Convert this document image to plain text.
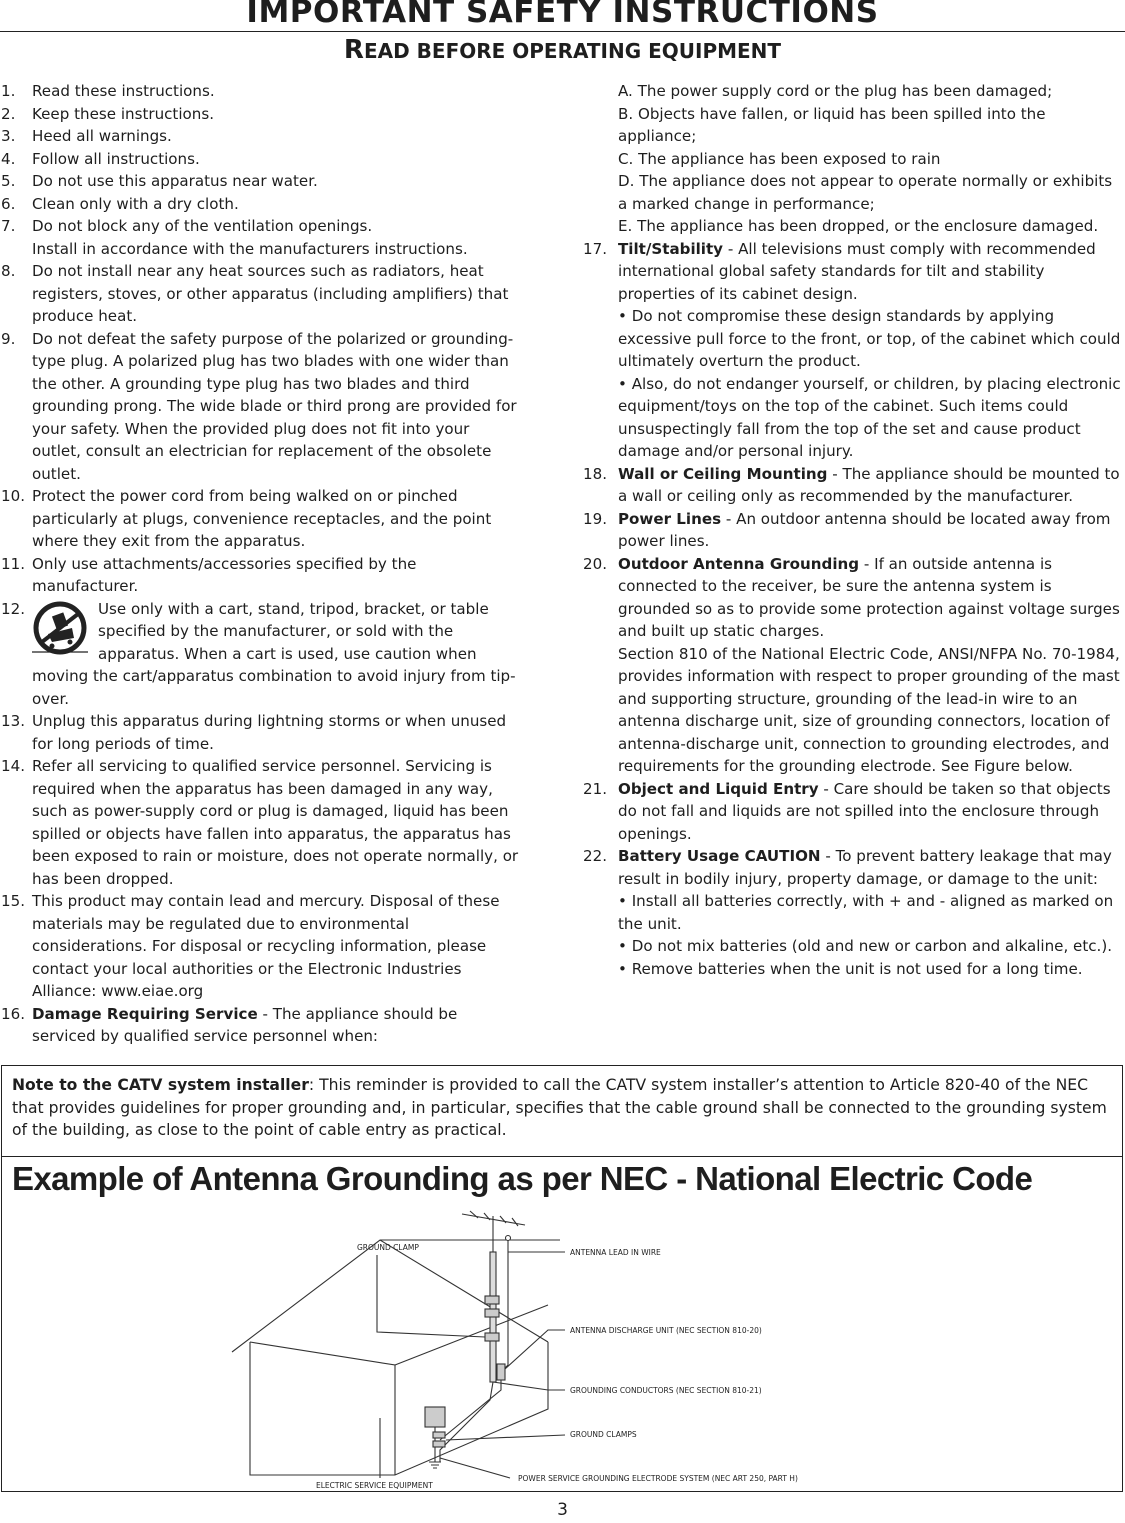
IMPORTANT SAFETY INSTRUCTIONS
READ BEFORE OPERATING EQUIPMENT
1. Read these instructions.
2. Keep these instructions.
3. Heed all warnings.
4. Follow all instructions.
5. Do not use this apparatus near water.
6. Clean only with a dry cloth.
7. Do not block any of the ventilation openings.
Install in accordance with the manufacturers instructions.
8. Do not install near any heat sources such as radiators, heat registers, stoves, or other apparatus (including amplifiers) that produce heat.
9. Do not defeat the safety purpose of the polarized or grounding-type plug. A polarized plug has two blades with one wider than the other. A grounding type plug has two blades and third grounding prong. The wide blade or third prong are provided for your safety. When the provided plug does not fit into your outlet, consult an electrician for replacement of the obsolete outlet.
10. Protect the power cord from being walked on or pinched particularly at plugs, convenience receptacles, and the point where they exit from the apparatus.
11. Only use attachments/accessories specified by the manufacturer.
12.	Use only with a cart, stand, tripod, bracket, or table specified by the manufacturer, or sold with the apparatus. When a cart is used, use caution when moving the cart/apparatus combination to avoid injury from tip-over.
13. Unplug this apparatus during lightning storms or when unused for long periods of time.
14. Refer all servicing to qualified service personnel. Servicing is required when the apparatus has been damaged in any way, such as power-supply cord or plug is damaged, liquid has been spilled or objects have fallen into apparatus, the apparatus has been exposed to rain or moisture, does not operate normally, or has been dropped.
15. This product may contain lead and mercury. Disposal of these materials may be regulated due to environmental considerations. For disposal or recycling information, please contact your local authorities or the Electronic Industries Alliance: www.eiae.org
16. Damage Requiring Service - The appliance should be serviced by qualified service personnel when:
A. The power supply cord or the plug has been damaged;
B. Objects have fallen, or liquid has been spilled into the appliance;
C. The appliance has been exposed to rain
D. The appliance does not appear to operate normally or exhibits a marked change in performance;
E. The appliance has been dropped, or the enclosure damaged.
17. Tilt/Stability - All televisions must comply with recommended international global safety standards for tilt and stability properties of its cabinet design.
• Do not compromise these design standards by applying excessive pull force to the front, or top, of the cabinet which could ultimately overturn the product.
• Also, do not endanger yourself, or children, by placing electronic equipment/toys on the top of the cabinet. Such items could unsuspectingly fall from the top of the set and cause product damage and/or personal injury.
18. Wall or Ceiling Mounting - The appliance should be mounted to a wall or ceiling only as recommended by the manufacturer.
19. Power Lines - An outdoor antenna should be located away from power lines.
20. Outdoor Antenna Grounding - If an outside antenna is connected to the receiver, be sure the antenna system is grounded so as to provide some protection against voltage surges and built up static charges.
Section 810 of the National Electric Code, ANSI/NFPA No. 70-1984, provides information with respect to proper grounding of the mast and supporting structure, grounding of the lead-in wire to an antenna discharge unit, size of grounding connectors, location of antenna-discharge unit, connection to grounding electrodes, and requirements for the grounding electrode. See Figure below.
21. Object and Liquid Entry - Care should be taken so that objects do not fall and liquids are not spilled into the enclosure through openings.
22. Battery Usage CAUTION - To prevent battery leakage that may result in bodily injury, property damage, or damage to the unit:
• Install all batteries correctly, with + and - aligned as marked on the unit.
• Do not mix batteries (old and new or carbon and alkaline, etc.).
• Remove batteries when the unit is not used for a long time.
Note to the CATV system installer: This reminder is provided to call the CATV system installer’s attention to Article 820-40 of the NEC that provides guidelines for proper grounding and, in particular, specifies that the cable ground shall be connected to the grounding system of the building, as close to the point of cable entry as practical.
Example of Antenna Grounding as per NEC - National Electric Code
GROUND CLAMP
ANTENNA LEAD IN WIRE
ANTENNA DISCHARGE UNIT (NEC SECTION 810-20)
GROUNDING CONDUCTORS (NEC SECTION 810-21)
GROUND CLAMPS
ELECTRIC SERVICE EQUIPMENT
POWER SERVICE GROUNDING ELECTRODE SYSTEM (NEC ART 250, PART H)
3
